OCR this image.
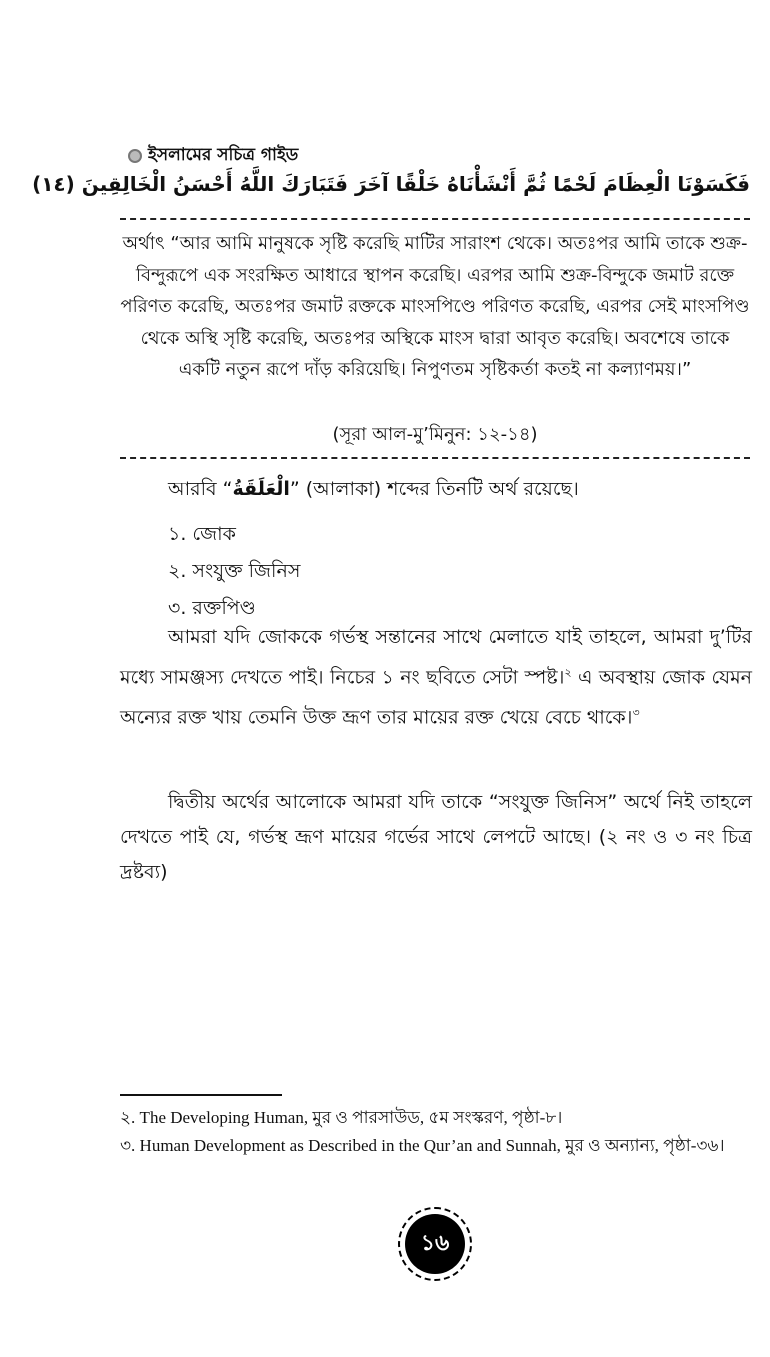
ইসলামের সচিত্র গাইড
فَكَسَوْنَا الْعِظَامَ لَحْمًا ثُمَّ أَنْشَأْنَاهُ خَلْقًا آخَرَ فَتَبَارَكَ اللَّهُ أَحْسَنُ الْخَالِقِينَ (١٤)
অর্থাৎ “আর আমি মানুষকে সৃষ্টি করেছি মাটির সারাংশ থেকে। অতঃপর আমি তাকে শুক্র-বিন্দুরূপে এক সংরক্ষিত আধারে স্থাপন করেছি। এরপর আমি শুক্র-বিন্দুকে জমাট রক্তে পরিণত করেছি, অতঃপর জমাট রক্তকে মাংসপিণ্ডে পরিণত করেছি, এরপর সেই মাংসপিণ্ড থেকে অস্থি সৃষ্টি করেছি, অতঃপর অস্থিকে মাংস দ্বারা আবৃত করেছি। অবশেষে তাকে একটি নতুন রূপে দাঁড় করিয়েছি। নিপুণতম সৃষ্টিকর্তা কতই না কল্যাণময়।”
(সূরা আল-মু’মিনুন: ১২-১৪)
আরবি “الْعَلَقَةُ” (আলাকা) শব্দের তিনটি অর্থ রয়েছে।
১. জোক
২. সংযুক্ত জিনিস
৩. রক্তপিণ্ড
আমরা যদি জোককে গর্ভস্থ সন্তানের সাথে মেলাতে যাই তাহলে, আমরা দু’টির মধ্যে সামঞ্জস্য দেখতে পাই। নিচের ১ নং ছবিতে সেটা স্পষ্ট।$^২$ এ অবস্থায় জোক যেমন অন্যের রক্ত খায় তেমনি উক্ত ভ্রূণ তার মায়ের রক্ত খেয়ে বেচে থাকে।$^৩$
দ্বিতীয় অর্থের আলোকে আমরা যদি তাকে “সংযুক্ত জিনিস” অর্থে নিই তাহলে দেখতে পাই যে, গর্ভস্থ ভ্রূণ মায়ের গর্ভের সাথে লেপটে আছে। (২ নং ও ৩ নং চিত্র দ্রষ্টব্য)
২. The Developing Human, মুর ও পারসাউড, ৫ম সংস্করণ, পৃষ্ঠা-৮।
৩. Human Development as Described in the Qur’an and Sunnah, মুর ও অন্যান্য, পৃষ্ঠা-৩৬।
১৬
